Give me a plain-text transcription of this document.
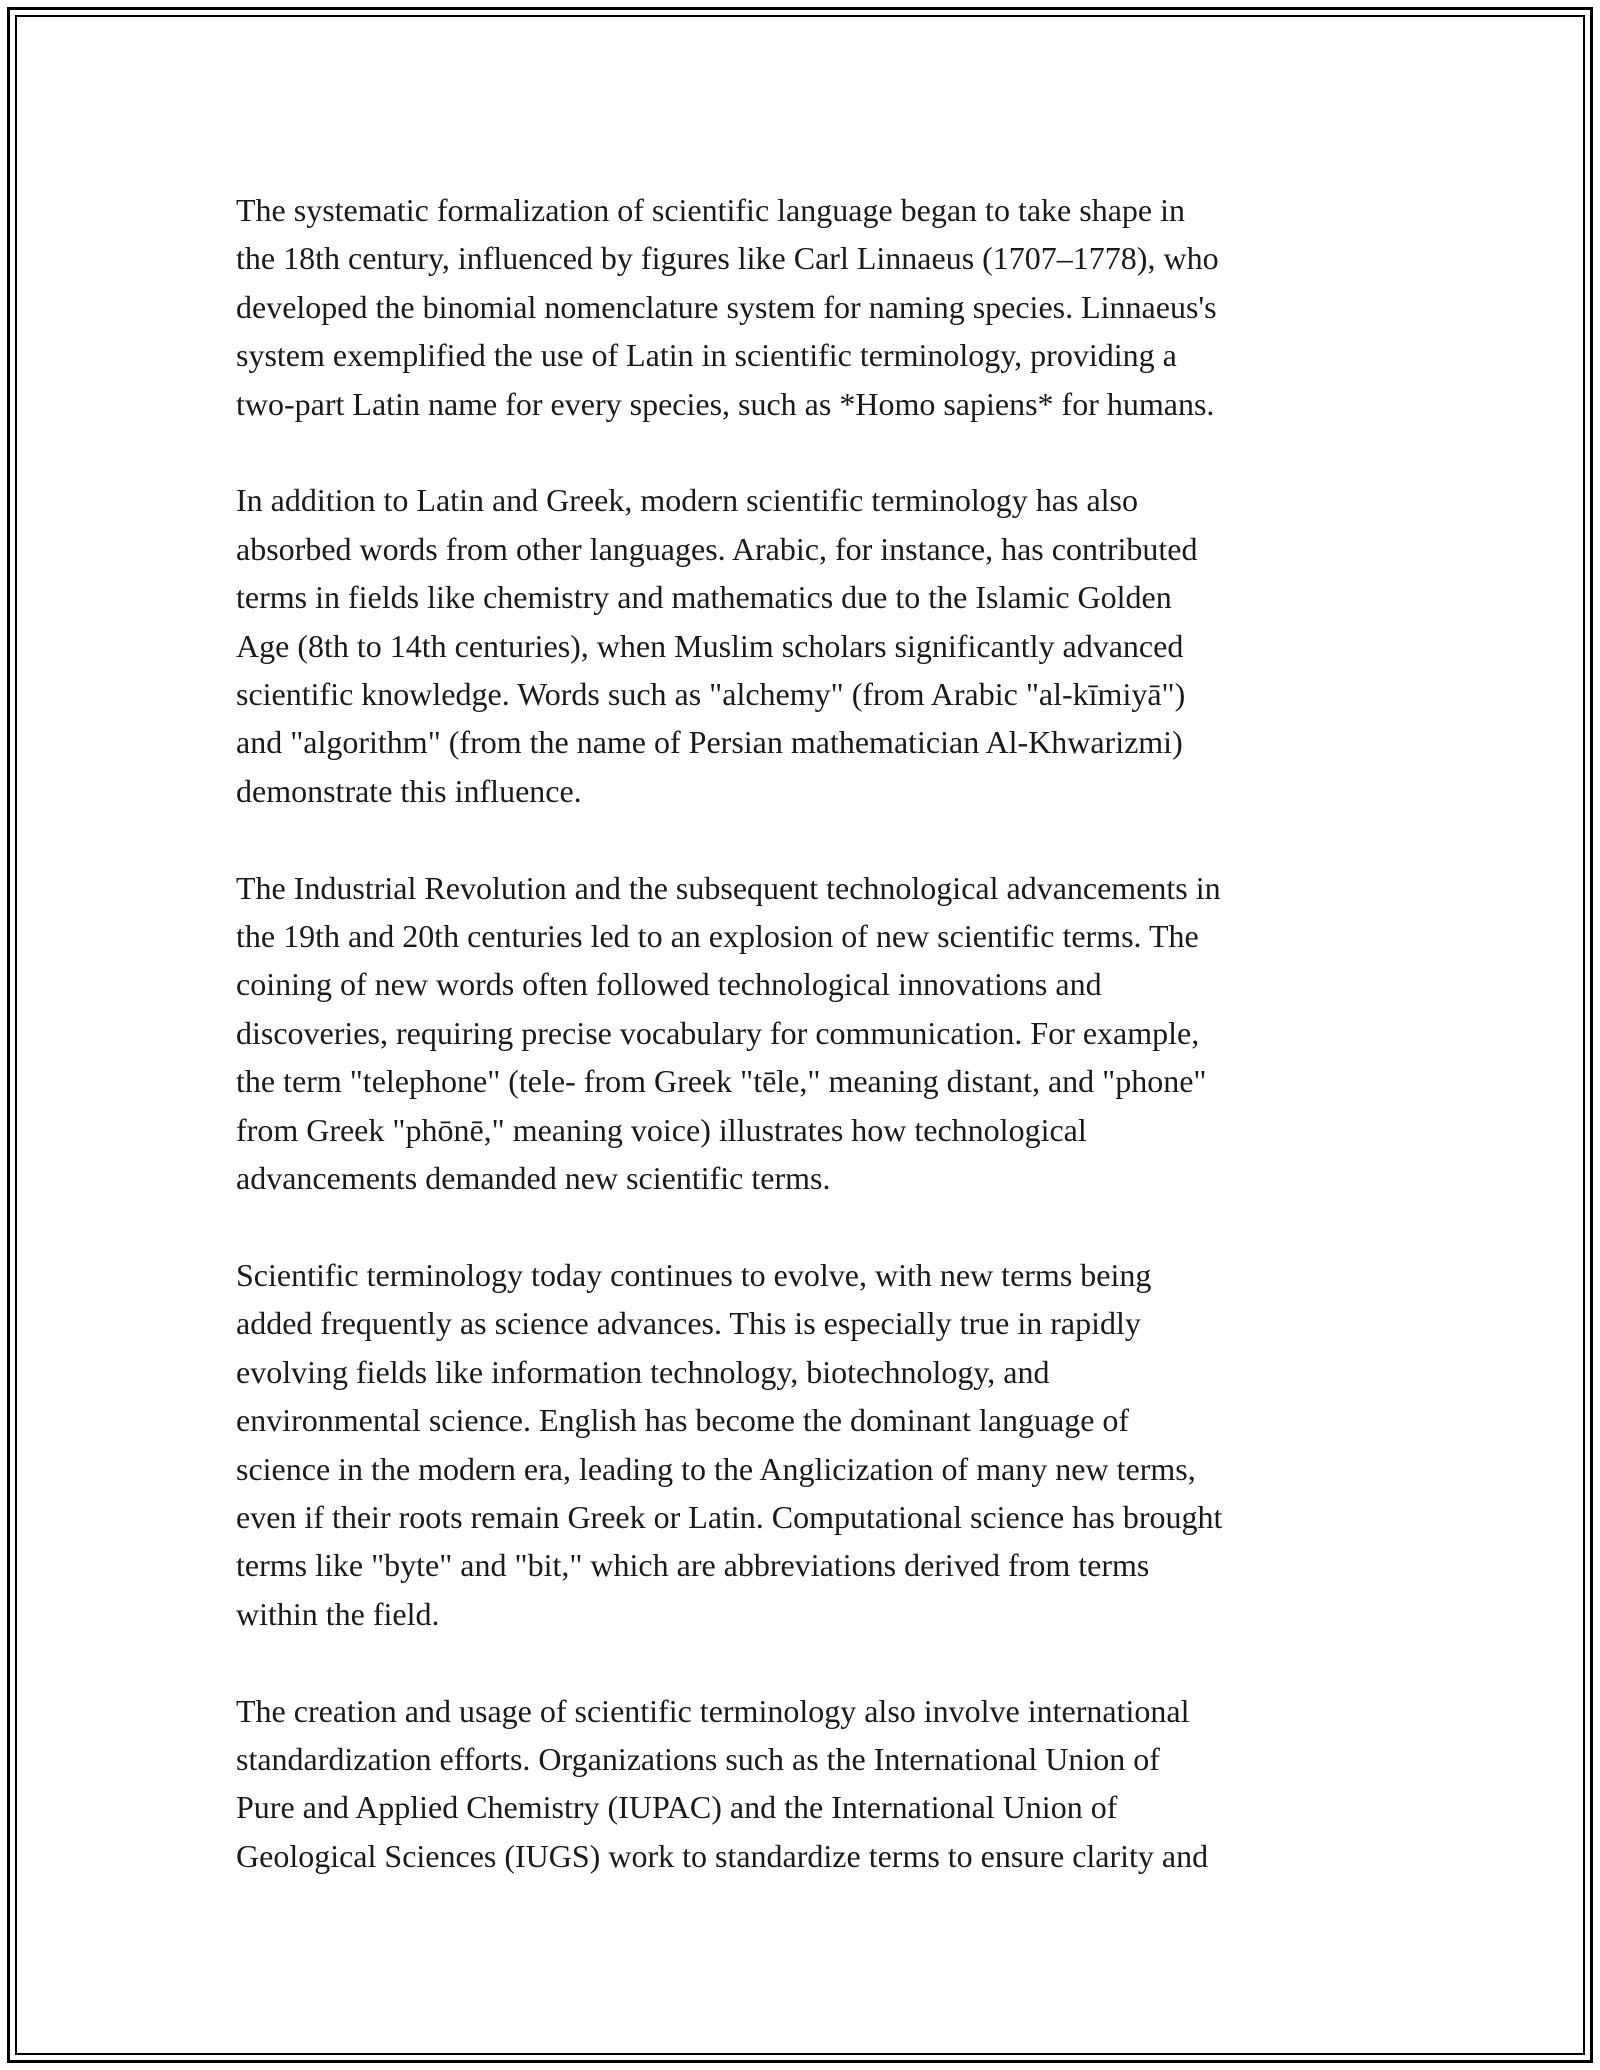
The systematic formalization of scientific language began to take shape in
the 18th century, influenced by figures like Carl Linnaeus (1707–1778), who
developed the binomial nomenclature system for naming species. Linnaeus's
system exemplified the use of Latin in scientific terminology, providing a
two-part Latin name for every species, such as *Homo sapiens* for humans.

In addition to Latin and Greek, modern scientific terminology has also
absorbed words from other languages. Arabic, for instance, has contributed
terms in fields like chemistry and mathematics due to the Islamic Golden
Age (8th to 14th centuries), when Muslim scholars significantly advanced
scientific knowledge. Words such as "alchemy" (from Arabic "al-kīmiyā")
and "algorithm" (from the name of Persian mathematician Al-Khwarizmi)
demonstrate this influence.

The Industrial Revolution and the subsequent technological advancements in
the 19th and 20th centuries led to an explosion of new scientific terms. The
coining of new words often followed technological innovations and
discoveries, requiring precise vocabulary for communication. For example,
the term "telephone" (tele- from Greek "tēle," meaning distant, and "phone"
from Greek "phōnē," meaning voice) illustrates how technological
advancements demanded new scientific terms.

Scientific terminology today continues to evolve, with new terms being
added frequently as science advances. This is especially true in rapidly
evolving fields like information technology, biotechnology, and
environmental science. English has become the dominant language of
science in the modern era, leading to the Anglicization of many new terms,
even if their roots remain Greek or Latin. Computational science has brought
terms like "byte" and "bit," which are abbreviations derived from terms
within the field.

The creation and usage of scientific terminology also involve international
standardization efforts. Organizations such as the International Union of
Pure and Applied Chemistry (IUPAC) and the International Union of
Geological Sciences (IUGS) work to standardize terms to ensure clarity and
